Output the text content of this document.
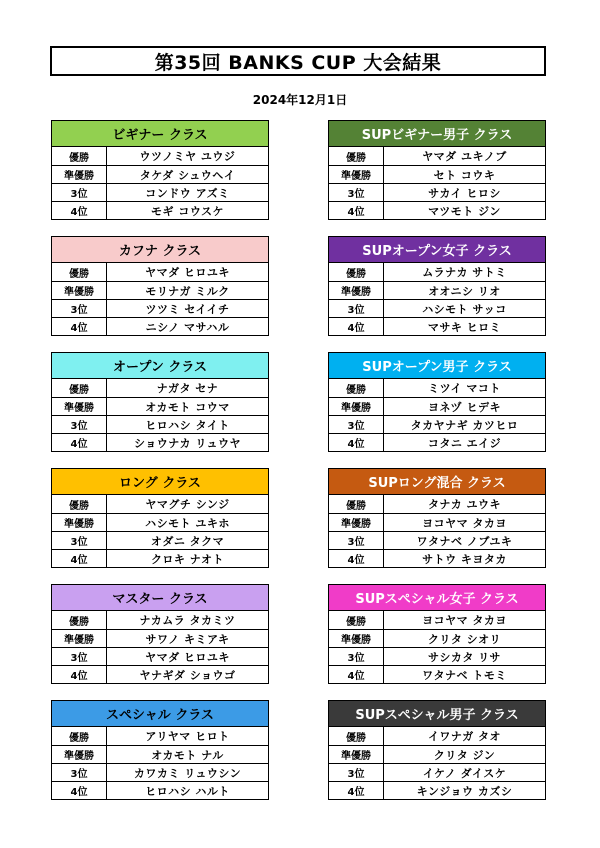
第35回 BANKS CUP 大会結果
2024年12月1日
ビギナー クラス
優勝	ウツノミヤ ユウジ
準優勝	タケダ シュウヘイ
3位	コンドウ アズミ
4位	モギ コウスケ
SUPビギナー男子 クラス
優勝	ヤマダ ユキノブ
準優勝	セト コウキ
3位	サカイ ヒロシ
4位	マツモト ジン
カフナ クラス
優勝	ヤマダ ヒロユキ
準優勝	モリナガ ミルク
3位	ツツミ セイイチ
4位	ニシノ マサハル
SUPオープン女子 クラス
優勝	ムラナカ サトミ
準優勝	オオニシ リオ
3位	ハシモト サッコ
4位	マサキ ヒロミ
オープン クラス
優勝	ナガタ セナ
準優勝	オカモト コウマ
3位	ヒロハシ タイト
4位	ショウナカ リュウヤ
SUPオープン男子 クラス
優勝	ミツイ マコト
準優勝	ヨネヅ ヒデキ
3位	タカヤナギ カツヒロ
4位	コタニ エイジ
ロング クラス
優勝	ヤマグチ シンジ
準優勝	ハシモト ユキホ
3位	オダニ タクマ
4位	クロキ ナオト
SUPロング混合 クラス
優勝	タナカ ユウキ
準優勝	ヨコヤマ タカヨ
3位	ワタナベ ノブユキ
4位	サトウ キヨタカ
マスター クラス
優勝	ナカムラ タカミツ
準優勝	サワノ キミアキ
3位	ヤマダ ヒロユキ
4位	ヤナギダ ショウゴ
SUPスペシャル女子 クラス
優勝	ヨコヤマ タカヨ
準優勝	クリタ シオリ
3位	サシカタ リサ
4位	ワタナベ トモミ
スペシャル クラス
優勝	アリヤマ ヒロト
準優勝	オカモト ナル
3位	カワカミ リュウシン
4位	ヒロハシ ハルト
SUPスペシャル男子 クラス
優勝	イワナガ タオ
準優勝	クリタ ジン
3位	イケノ ダイスケ
4位	キンジョウ カズシ
